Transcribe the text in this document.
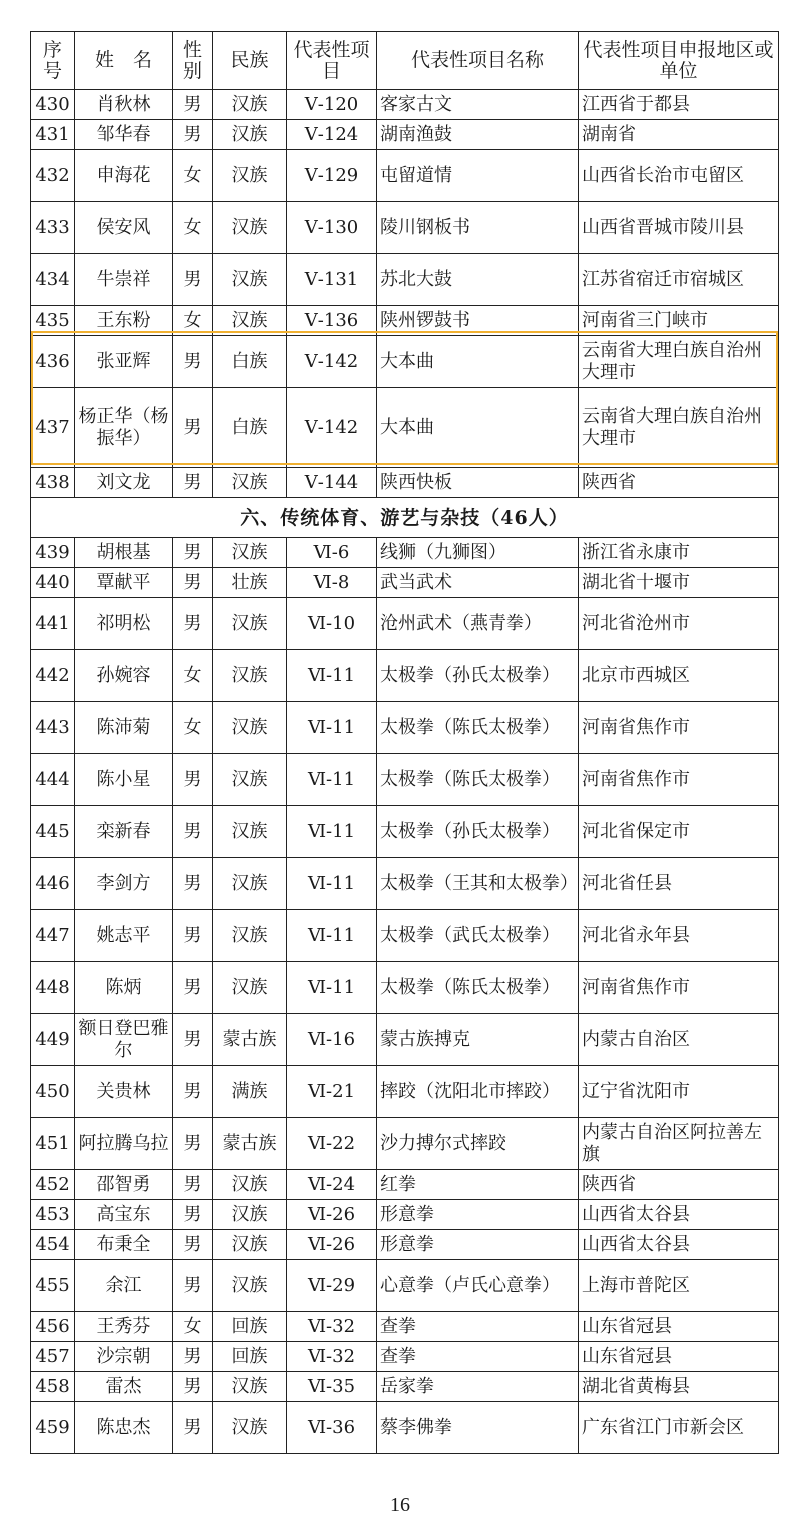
序号	姓　名	性别	民族	代表性项目	代表性项目名称	代表性项目申报地区或单位
430	肖秋林	男	汉族	Ⅴ-120	客家古文	江西省于都县
431	邹华春	男	汉族	Ⅴ-124	湖南渔鼓	湖南省
432	申海花	女	汉族	Ⅴ-129	屯留道情	山西省长治市屯留区
433	侯安风	女	汉族	Ⅴ-130	陵川钢板书	山西省晋城市陵川县
434	牛崇祥	男	汉族	Ⅴ-131	苏北大鼓	江苏省宿迁市宿城区
435	王东粉	女	汉族	Ⅴ-136	陕州锣鼓书	河南省三门峡市
436	张亚辉	男	白族	Ⅴ-142	大本曲	云南省大理白族自治州大理市
437	杨正华（杨振华）	男	白族	Ⅴ-142	大本曲	云南省大理白族自治州大理市
438	刘文龙	男	汉族	Ⅴ-144	陕西快板	陕西省
六、传统体育、游艺与杂技（46人）						
439	胡根基	男	汉族	Ⅵ-6	线狮（九狮图）	浙江省永康市
440	覃献平	男	壮族	Ⅵ-8	武当武术	湖北省十堰市
441	祁明松	男	汉族	Ⅵ-10	沧州武术（燕青拳）	河北省沧州市
442	孙婉容	女	汉族	Ⅵ-11	太极拳（孙氏太极拳）	北京市西城区
443	陈沛菊	女	汉族	Ⅵ-11	太极拳（陈氏太极拳）	河南省焦作市
444	陈小星	男	汉族	Ⅵ-11	太极拳（陈氏太极拳）	河南省焦作市
445	栾新春	男	汉族	Ⅵ-11	太极拳（孙氏太极拳）	河北省保定市
446	李剑方	男	汉族	Ⅵ-11	太极拳（王其和太极拳）	河北省任县
447	姚志平	男	汉族	Ⅵ-11	太极拳（武氏太极拳）	河北省永年县
448	陈炳	男	汉族	Ⅵ-11	太极拳（陈氏太极拳）	河南省焦作市
449	额日登巴雅尔	男	蒙古族	Ⅵ-16	蒙古族搏克	内蒙古自治区
450	关贵林	男	满族	Ⅵ-21	摔跤（沈阳北市摔跤）	辽宁省沈阳市
451	阿拉腾乌拉	男	蒙古族	Ⅵ-22	沙力搏尔式摔跤	内蒙古自治区阿拉善左旗
452	邵智勇	男	汉族	Ⅵ-24	红拳	陕西省
453	高宝东	男	汉族	Ⅵ-26	形意拳	山西省太谷县
454	布秉全	男	汉族	Ⅵ-26	形意拳	山西省太谷县
455	余江	男	汉族	Ⅵ-29	心意拳（卢氏心意拳）	上海市普陀区
456	王秀芬	女	回族	Ⅵ-32	查拳	山东省冠县
457	沙宗朝	男	回族	Ⅵ-32	查拳	山东省冠县
458	雷杰	男	汉族	Ⅵ-35	岳家拳	湖北省黄梅县
459	陈忠杰	男	汉族	Ⅵ-36	蔡李佛拳	广东省江门市新会区
16
